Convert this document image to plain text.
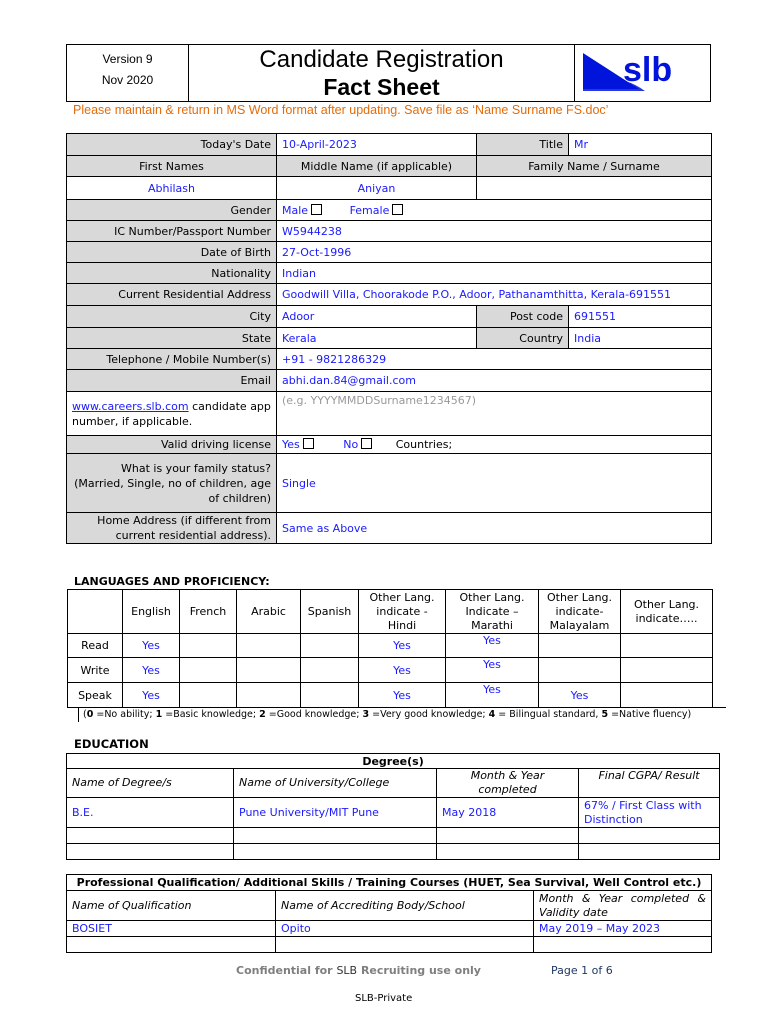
Version 9
Nov 2020
Candidate Registration
Fact Sheet	slb
Please maintain & return in MS Word format after updating. Save file as ‘Name Surname FS.doc’
Today's Date	10-April-2023	Title	Mr
First Names	Middle Name (if applicable)	Family Name / Surname	
Abhilash	Aniyan		
Gender	Male Female		
IC Number/Passport Number	W5944238		
Date of Birth	27-Oct-1996		
Nationality	Indian		
Current Residential Address	Goodwill Villa, Choorakode P.O., Adoor, Pathanamthitta, Kerala-691551		
City	Adoor	Post code	691551
State	Kerala	Country	India
Telephone / Mobile Number(s)	+91 - 9821286329		
Email	abhi.dan.84@gmail.com		
www.careers.slb.com candidate app number, if applicable.	(e.g. YYYYMMDDSurname1234567)		
Valid driving license	Yes No Countries;		
What is your family status? (Married, Single, no of children, age of children)	Single		
Home Address (if different from current residential address).	Same as Above		
LANGUAGES AND PROFICIENCY:
	English	French	Arabic	Spanish	Other Lang. indicate - Hindi	Other Lang. Indicate – Marathi	Other Lang. indicate- Malayalam	Other Lang. indicate…..
Read	Yes				Yes	Yes		
Write	Yes				Yes	Yes		
Speak	Yes				Yes	Yes	Yes	
(0 =No ability; 1 =Basic knowledge; 2 =Good knowledge; 3 =Very good knowledge; 4 = Bilingual standard, 5 =Native fluency)
EDUCATION
Degree(s)			
Name of Degree/s	Name of University/College	Month & Year completed	Final CGPA/ Result
B.E.	Pune University/MIT Pune	May 2018	67% / First Class with Distinction

Professional Qualification/ Additional Skills / Training Courses (HUET, Sea Survival, Well Control etc.)		
Name of Qualification	Name of Accrediting Body/School	Month & Year completed & Validity date
BOSIET	Opito	May 2019 – May 2023

Confidential for SLB Recruiting use only	Page 1 of 6
SLB-Private
